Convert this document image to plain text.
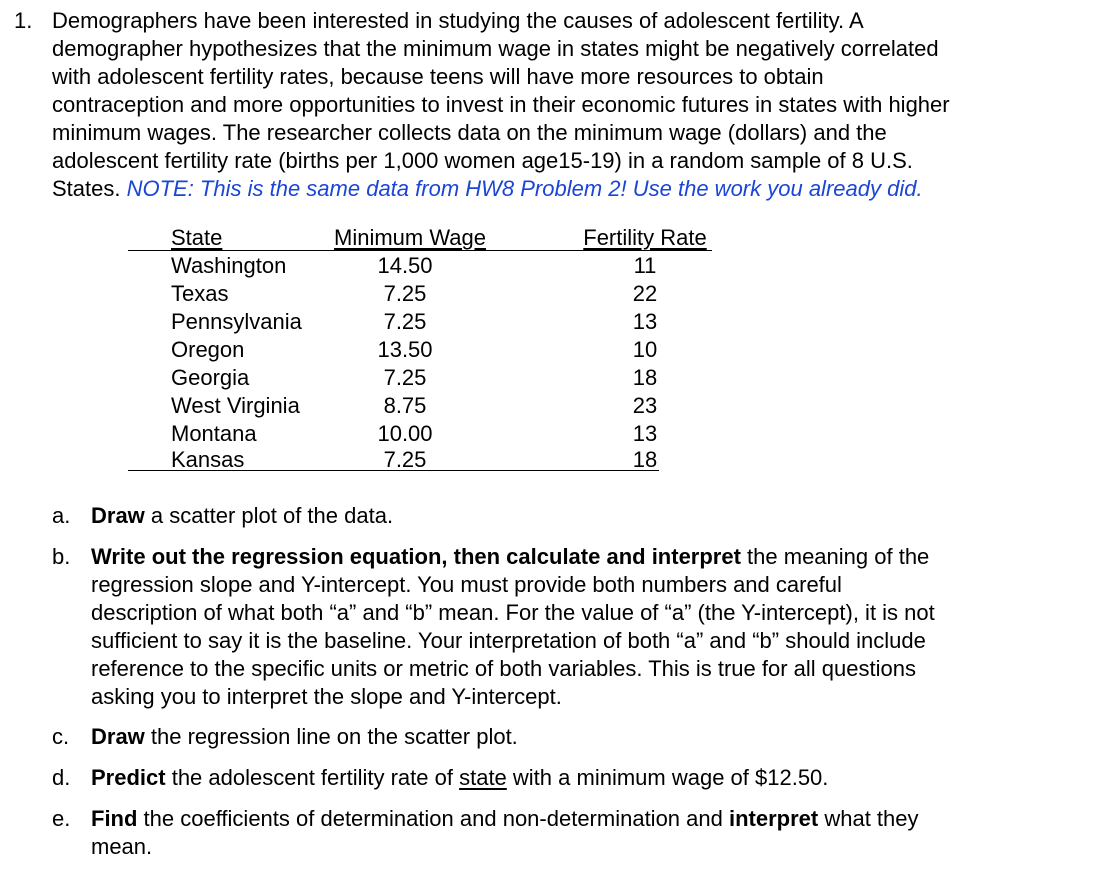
1. Demographers have been interested in studying the causes of adolescent fertility. A
demographer hypothesizes that the minimum wage in states might be negatively correlated
with adolescent fertility rates, because teens will have more resources to obtain
contraception and more opportunities to invest in their economic futures in states with higher
minimum wages. The researcher collects data on the minimum wage (dollars) and the
adolescent fertility rate (births per 1,000 women age15-19) in a random sample of 8 U.S.
States. NOTE: This is the same data from HW8 Problem 2! Use the work you already did.
State	Minimum Wage	Fertility Rate
Washington	14.50	11
Texas	7.25	22
Pennsylvania	7.25	13
Oregon	13.50	10
Georgia	7.25	18
West Virginia	8.75	23
Montana	10.00	13
Kansas	7.25	18
a. Draw a scatter plot of the data.
b. Write out the regression equation, then calculate and interpret the meaning of the
regression slope and Y-intercept. You must provide both numbers and careful
description of what both “a” and “b” mean. For the value of “a” (the Y-intercept), it is not
sufficient to say it is the baseline. Your interpretation of both “a” and “b” should include
reference to the specific units or metric of both variables. This is true for all questions
asking you to interpret the slope and Y-intercept.
c. Draw the regression line on the scatter plot.
d. Predict the adolescent fertility rate of state with a minimum wage of $12.50.
e. Find the coefficients of determination and non-determination and interpret what they
mean.
